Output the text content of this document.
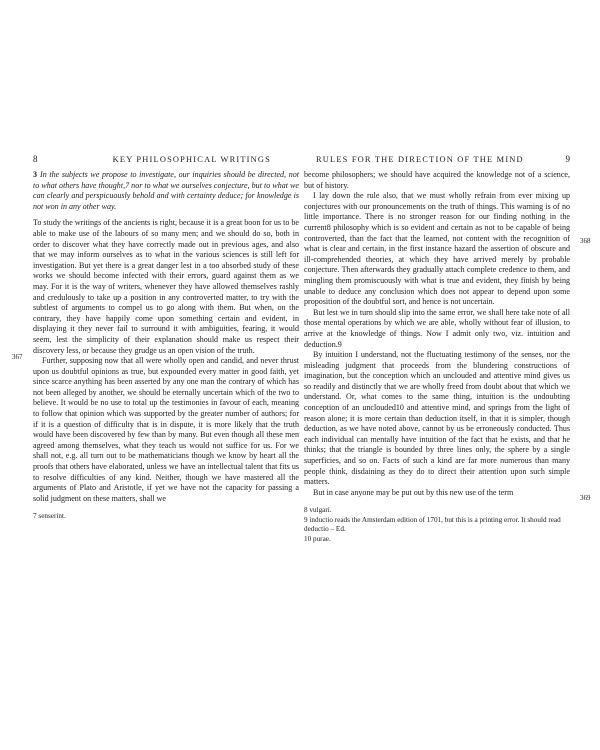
8	KEY PHILOSOPHICAL WRITINGS

3 In the subjects we propose to investigate, our inquiries should be directed, not to what others have thought,7 nor to what we ourselves conjecture, but to what we can clearly and perspicuously behold and with certainty deduce; for knowledge is not won in any other way.

To study the writings of the ancients is right, because it is a great boon for us to be able to make use of the labours of so many men; and we should do so, both in order to discover what they have correctly made out in previous ages, and also that we may inform ourselves as to what in the various sciences is still left for investigation. But yet there is a great danger lest in a too absorbed study of these works we should become infected with their errors, guard against them as we may. For it is the way of writers, whenever they have allowed themselves rashly and credulously to take up a position in any controverted matter, to try with the subtlest of arguments to compel us to go along with them. But when, on the contrary, they have happily come upon something certain and evident, in displaying it they never fail to surround it with ambiguities, fearing, it would seem, lest the simplicity of their explanation should make us respect their discovery less, or because they grudge us an open vision of the truth.

Further, supposing now that all were wholly open and candid, and never thrust upon us doubtful opinions as true, but expounded every matter in good faith, yet since scarce anything has been asserted by any one man the contrary of which has not been alleged by another, we should be eternally uncertain which of the two to believe. It would be no use to total up the testimonies in favour of each, meaning to follow that opinion which was supported by the greater number of authors; for if it is a question of difficulty that is in dispute, it is more likely that the truth would have been discovered by few than by many. But even though all these men agreed among themselves, what they teach us would not suffice for us. For we shall not, e.g. all turn out to be mathematicians though we know by heart all the proofs that others have elaborated, unless we have an intellectual talent that fits us to resolve difficulties of any kind. Neither, though we have mastered all the arguments of Plato and Aristotle, if yet we have not the capacity for passing a solid judgment on these matters, shall we

7 senserint.

367
RULES FOR THE DIRECTION OF THE MIND	9

become philosophers; we should have acquired the knowledge not of a science, but of history.

I lay down the rule also, that we must wholly refrain from ever mixing up conjectures with our pronouncements on the truth of things. This warning is of no little importance. There is no stronger reason for our finding nothing in the current8 philosophy which is so evident and certain as not to be capable of being controverted, than the fact that the learned, not content with the recognition of what is clear and certain, in the first instance hazard the assertion of obscure and ill-comprehended theories, at which they have arrived merely by probable conjecture. Then afterwards they gradually attach complete credence to them, and mingling them promiscuously with what is true and evident, they finish by being unable to deduce any conclusion which does not appear to depend upon some proposition of the doubtful sort, and hence is not uncertain.

But lest we in turn should slip into the same error, we shall here take note of all those mental operations by which we are able, wholly without fear of illusion, to arrive at the knowledge of things. Now I admit only two, viz. intuition and deduction.9

By intuition I understand, not the fluctuating testimony of the senses, nor the misleading judgment that proceeds from the blundering constructions of imagination, but the conception which an unclouded and attentive mind gives us so readily and distinctly that we are wholly freed from doubt about that which we understand. Or, what comes to the same thing, intuition is the undoubting conception of an unclouded10 and attentive mind, and springs from the light of reason alone; it is more certain than deduction itself, in that it is simpler, though deduction, as we have noted above, cannot by us be erroneously conducted. Thus each individual can mentally have intuition of the fact that he exists, and that he thinks; that the triangle is bounded by three lines only, the sphere by a single superficies, and so on. Facts of such a kind are far more numerous than many people think, disdaining as they do to direct their attention upon such simple matters.

But in case anyone may be put out by this new use of the term

8 vulgari.

9 inductio reads the Amsterdam edition of 1701, but this is a printing error. It should read deductio – Ed.

10 purae.

368
369
